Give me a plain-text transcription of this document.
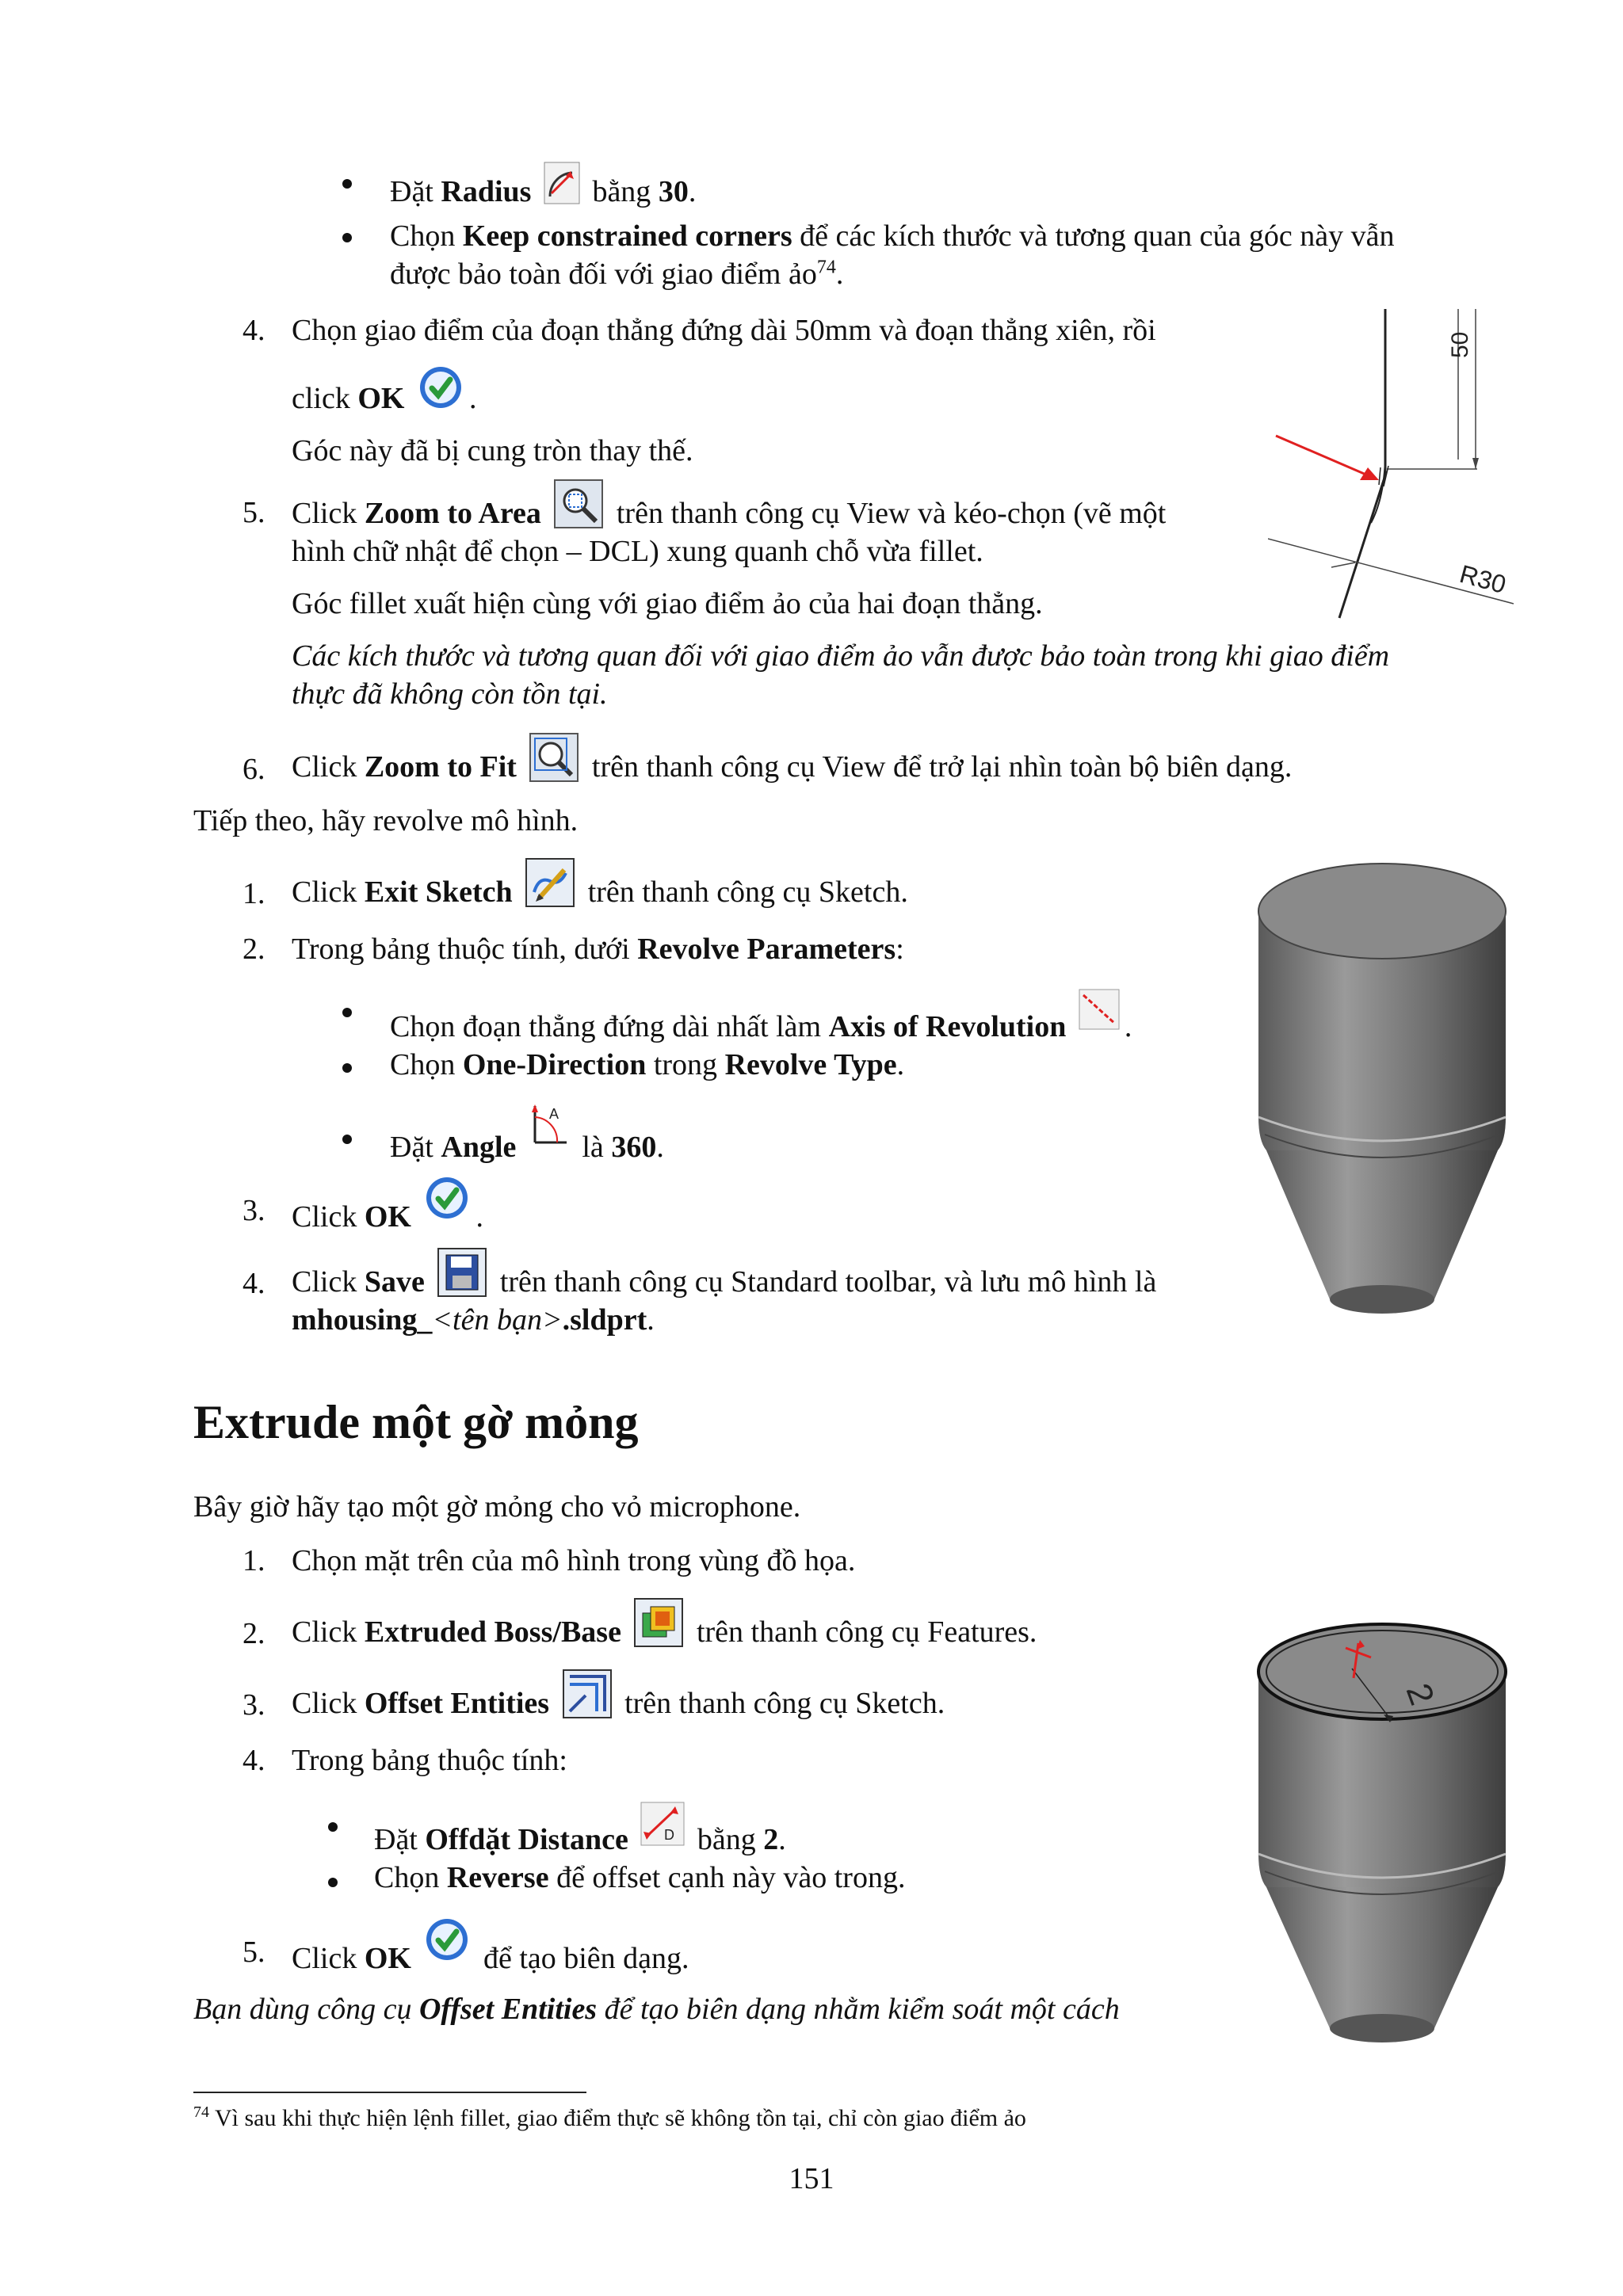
Đặt Radius
bằng 30.
Chọn Keep constrained corners để các kích thước và tương quan của góc này vẫn
được bảo toàn đối với giao điểm ảo$^{74}$.
4. Chọn giao điểm của đoạn thẳng đứng dài 50mm và đoạn thẳng xiên, rồi
click OK .
Góc này đã bị cung tròn thay thế.
5. Click Zoom to Area
trên thanh công cụ View và kéo-chọn (vẽ một
hình chữ nhật để chọn – DCL) xung quanh chỗ vừa fillet.
Góc fillet xuất hiện cùng với giao điểm ảo của hai đoạn thẳng.
Các kích thước và tương quan đối với giao điểm ảo vẫn được bảo toàn trong khi giao điểm
thực đã không còn tồn tại.
6. Click Zoom to Fit
trên thanh công cụ View để trở lại nhìn toàn bộ biên dạng.
50
R30
Tiếp theo, hãy revolve mô hình.
1. Click Exit Sketch
trên thanh công cụ Sketch.
2. Trong bảng thuộc tính, dưới Revolve Parameters:
Chọn đoạn thẳng đứng dài nhất làm Axis of Revolution .
Chọn One-Direction trong Revolve Type.
Đặt Angle
A
là 360.
3. Click OK .
4. Click Save
trên thanh công cụ Standard toolbar, và lưu mô hình là
mhousing_<tên bạn>.sldprt.
Extrude một gờ mỏng
Bây giờ hãy tạo một gờ mỏng cho vỏ microphone.
1. Chọn mặt trên của mô hình trong vùng đồ họa.
2. Click Extruded Boss/Base
trên thanh công cụ Features.
3. Click Offset Entities
trên thanh công cụ Sketch.
4. Trong bảng thuộc tính:
Đặt Offdặt Distance	D bằng 2.
Chọn Reverse để offset cạnh này vào trong.
5. Click OK
để tạo biên dạng.
Bạn dùng công cụ Offset Entities để tạo biên dạng nhằm kiểm soát một cách
2
$^{74}$ Vì sau khi thực hiện lệnh fillet, giao điểm thực sẽ không tồn tại, chỉ còn giao điểm ảo
151
